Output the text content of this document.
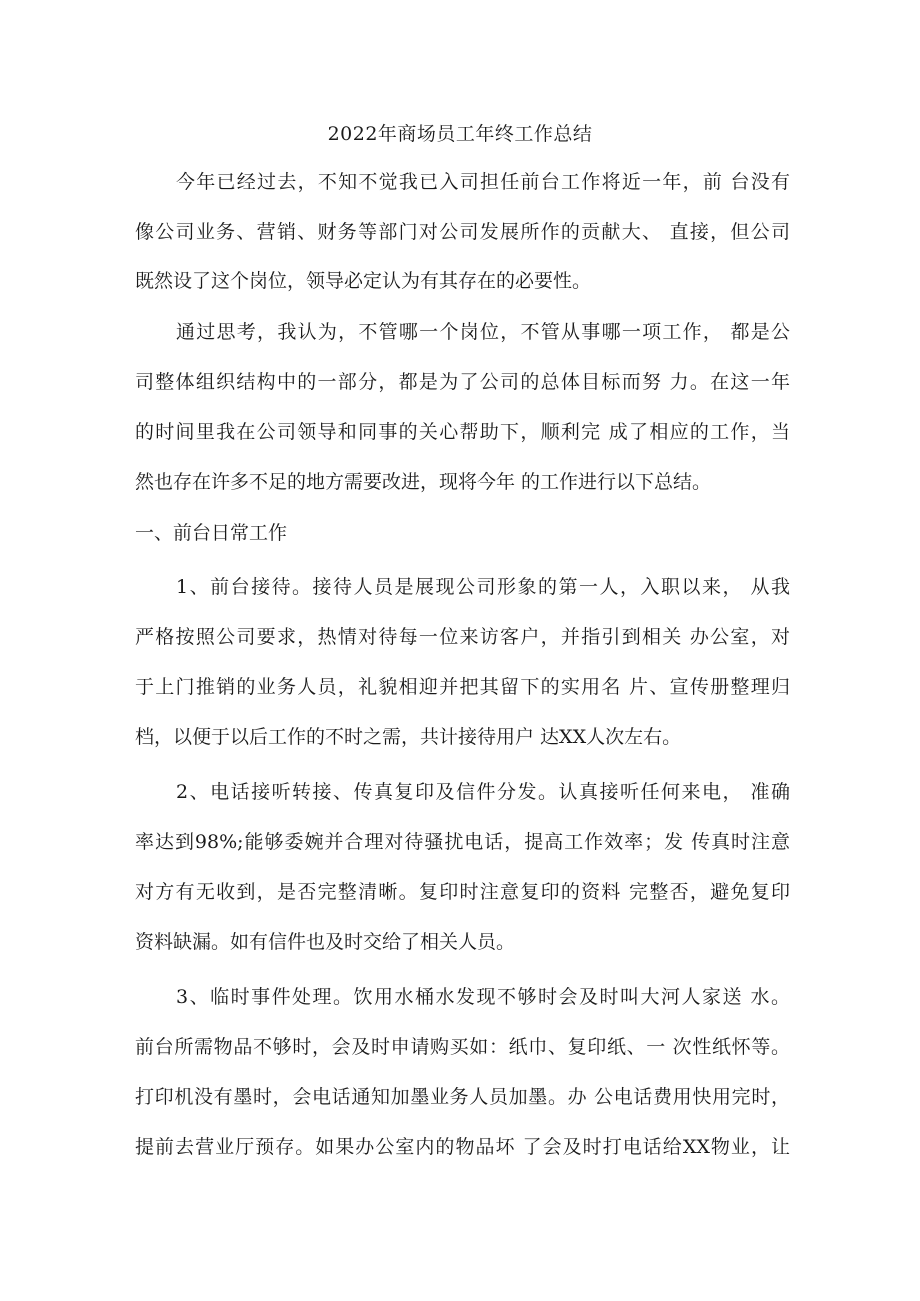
2022年商场员工年终工作总结
今年已经过去，不知不觉我已入司担任前台工作将近一年，前 台没有
像公司业务、营销、财务等部门对公司发展所作的贡献大、 直接，但公司
既然设了这个岗位，领导必定认为有其存在的必要性。
通过思考，我认为，不管哪一个岗位，不管从事哪一项工作， 都是公
司整体组织结构中的一部分，都是为了公司的总体目标而努 力。在这一年
的时间里我在公司领导和同事的关心帮助下，顺利完 成了相应的工作，当
然也存在许多不足的地方需要改进，现将今年 的工作进行以下总结。
一、前台日常工作
1、前台接待。接待人员是展现公司形象的第一人，入职以来， 从我
严格按照公司要求，热情对待每一位来访客户，并指引到相关 办公室，对
于上门推销的业务人员，礼貌相迎并把其留下的实用名 片、宣传册整理归
档，以便于以后工作的不时之需，共计接待用户 达XX人次左右。
2、电话接听转接、传真复印及信件分发。认真接听任何来电， 准确
率达到98%;能够委婉并合理对待骚扰电话，提高工作效率；发 传真时注意
对方有无收到，是否完整清晰。复印时注意复印的资料 完整否，避免复印
资料缺漏。如有信件也及时交给了相关人员。
3、临时事件处理。饮用水桶水发现不够时会及时叫大河人家送 水。
前台所需物品不够时，会及时申请购买如：纸巾、复印纸、一 次性纸怀等。
打印机没有墨时，会电话通知加墨业务人员加墨。办 公电话费用快用完时，
提前去营业厅预存。如果办公室内的物品坏 了会及时打电话给XX物业，让
